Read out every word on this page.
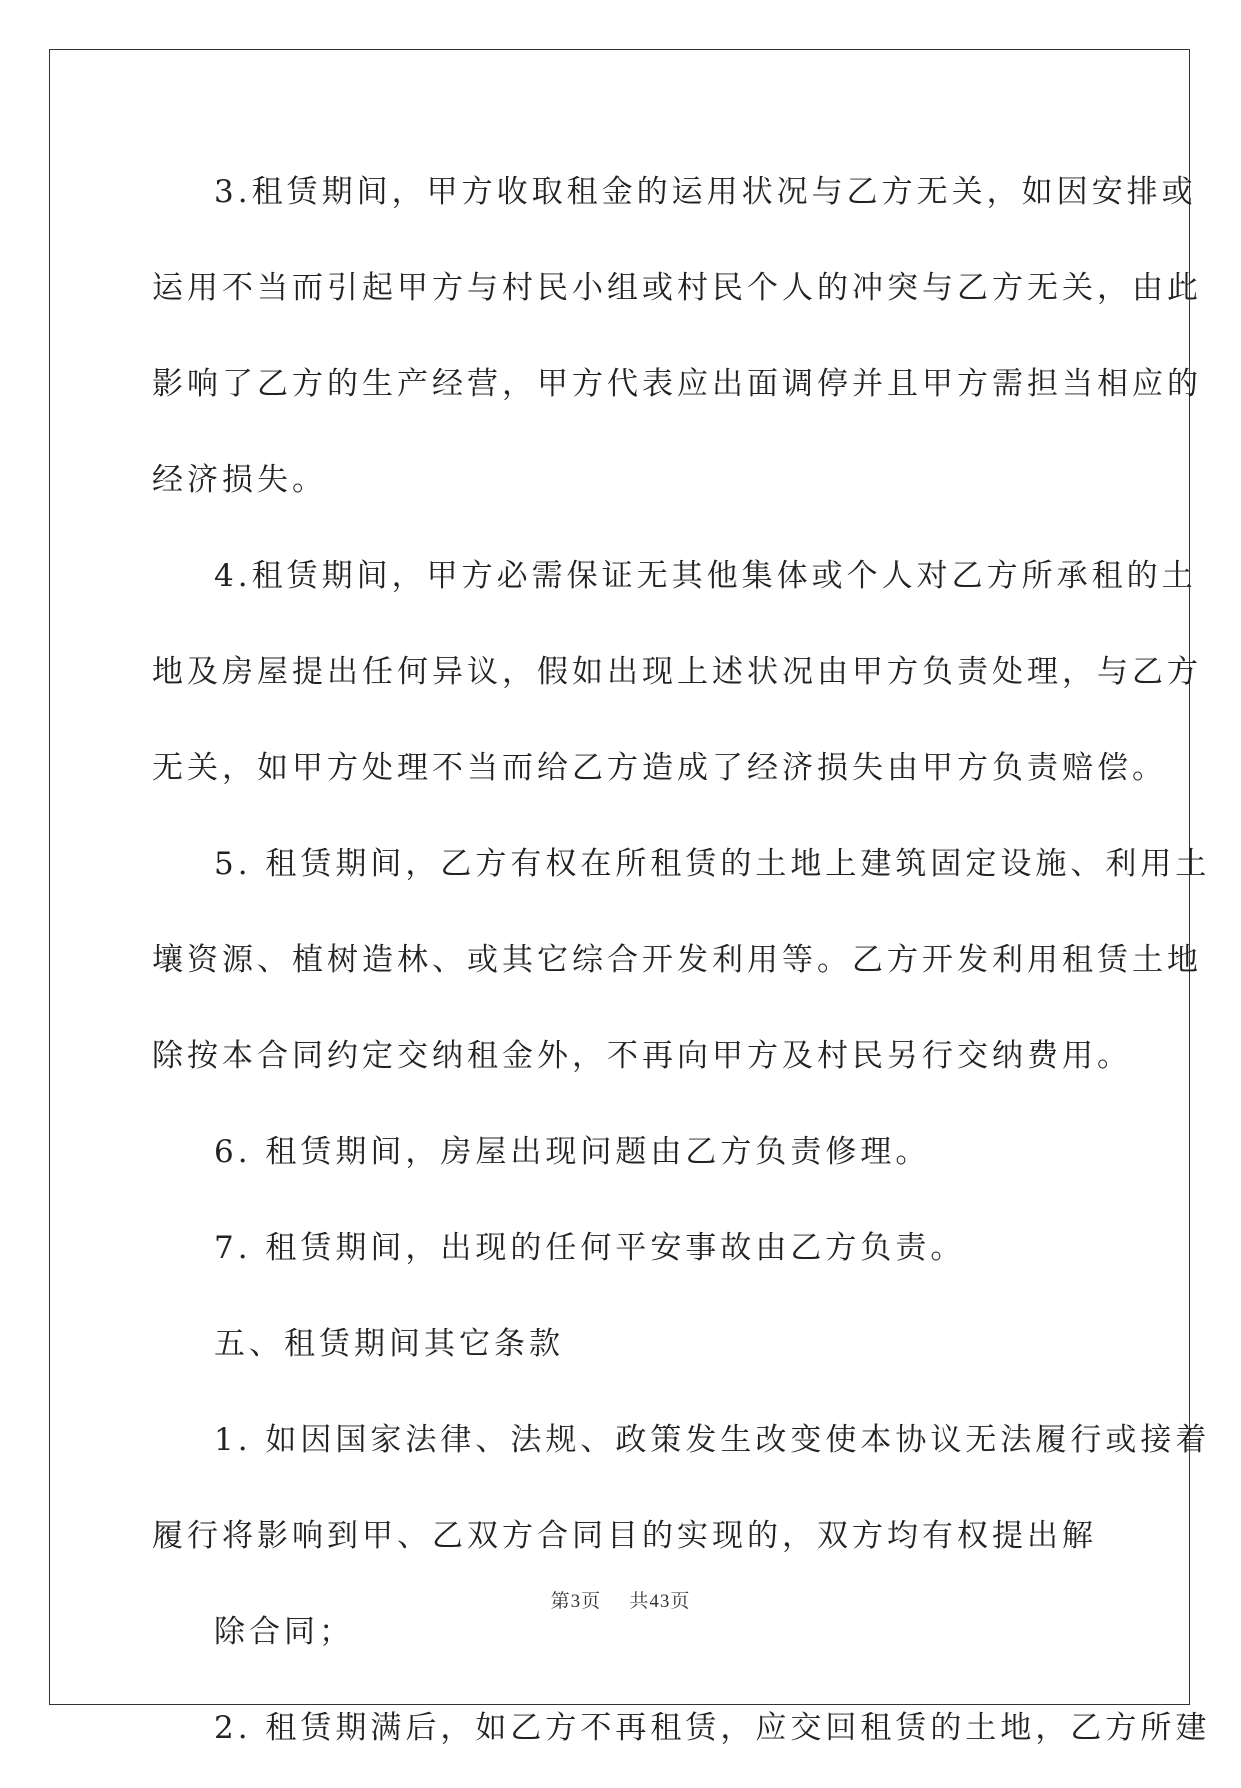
3.租赁期间，甲方收取租金的运用状况与乙方无关，如因安排或
运用不当而引起甲方与村民小组或村民个人的冲突与乙方无关，由此
影响了乙方的生产经营，甲方代表应出面调停并且甲方需担当相应的
经济损失。
4.租赁期间，甲方必需保证无其他集体或个人对乙方所承租的土
地及房屋提出任何异议，假如出现上述状况由甲方负责处理，与乙方
无关，如甲方处理不当而给乙方造成了经济损失由甲方负责赔偿。
5. 租赁期间，乙方有权在所租赁的土地上建筑固定设施、利用土
壤资源、植树造林、或其它综合开发利用等。乙方开发利用租赁土地
除按本合同约定交纳租金外，不再向甲方及村民另行交纳费用。
6. 租赁期间，房屋出现问题由乙方负责修理。
7. 租赁期间，出现的任何平安事故由乙方负责。
五、租赁期间其它条款
1. 如因国家法律、法规、政策发生改变使本协议无法履行或接着
履行将影响到甲、乙双方合同目的实现的，双方均有权提出解
除合同；
2. 租赁期满后，如乙方不再租赁，应交回租赁的土地，乙方所建
第3页 共43页
